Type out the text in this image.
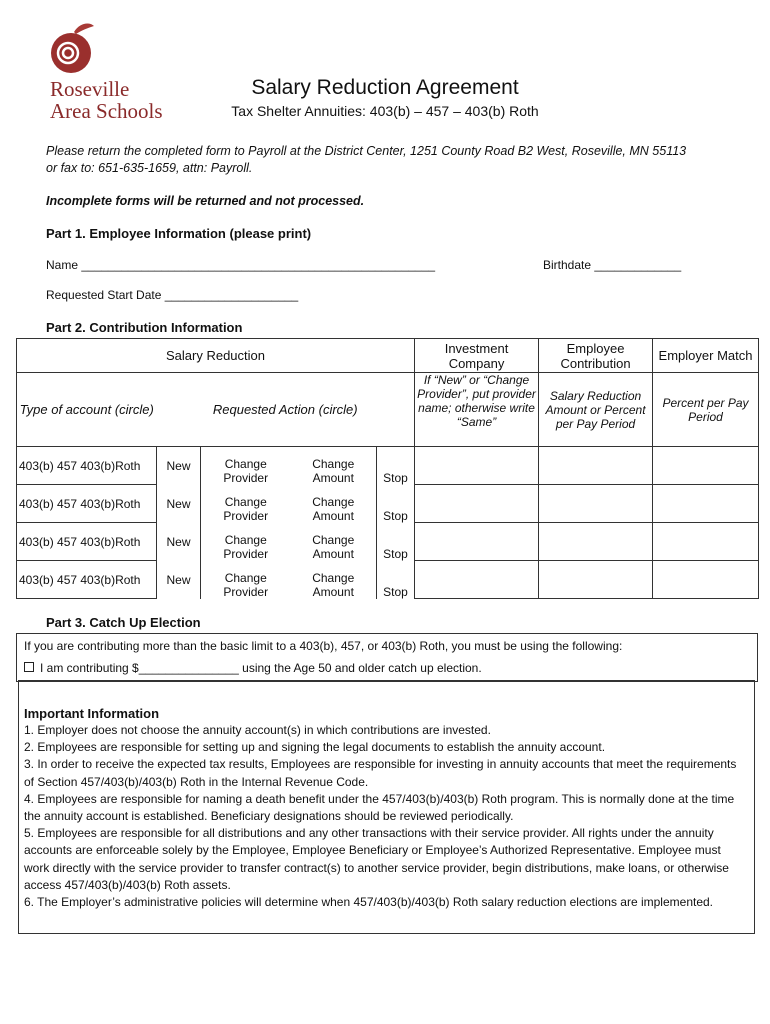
Roseville
Area Schools
Salary Reduction Agreement
Tax Shelter Annuities: 403(b) – 457 – 403(b) Roth
Please return the completed form to Payroll at the District Center, 1251 County Road B2 West, Roseville, MN 55113
or fax to: 651-635-1659, attn: Payroll.
Incomplete forms will be returned and not processed.
Part 1. Employee Information (please print)
Name _____________________________________________________	Birthdate _____________
Requested Start Date ____________________
Part 2. Contribution Information
Salary Reduction					Investment Company	Employee Contribution	Employer Match
Type of account (circle)	Requested Action (circle)				If “New” or “Change Provider”, put provider name; otherwise write “Same”	Salary Reduction Amount or Percent per Pay Period	Percent per Pay Period
403(b) 457 403(b)Roth	New	Change Provider	Change Amount	Stop			
403(b) 457 403(b)Roth	New	Change Provider	Change Amount	Stop			
403(b) 457 403(b)Roth	New	Change Provider	Change Amount	Stop			
403(b) 457 403(b)Roth	New	Change Provider	Change Amount	Stop			
Part 3. Catch Up Election
If you are contributing more than the basic limit to a 403(b), 457, or 403(b) Roth, you must be using the following:
I am contributing $_______________ using the Age 50 and older catch up election.
Important Information
1. Employer does not choose the annuity account(s) in which contributions are invested.
2. Employees are responsible for setting up and signing the legal documents to establish the annuity account.
3. In order to receive the expected tax results, Employees are responsible for investing in annuity accounts that meet the requirements of Section 457/403(b)/403(b) Roth in the Internal Revenue Code.
4. Employees are responsible for naming a death benefit under the 457/403(b)/403(b) Roth program. This is normally done at the time the annuity account is established. Beneficiary designations should be reviewed periodically.
5. Employees are responsible for all distributions and any other transactions with their service provider. All rights under the annuity accounts are enforceable solely by the Employee, Employee Beneficiary or Employee’s Authorized Representative. Employee must work directly with the service provider to transfer contract(s) to another service provider, begin distributions, make loans, or otherwise access 457/403(b)/403(b) Roth assets.
6. The Employer’s administrative policies will determine when 457/403(b)/403(b) Roth salary reduction elections are implemented.
